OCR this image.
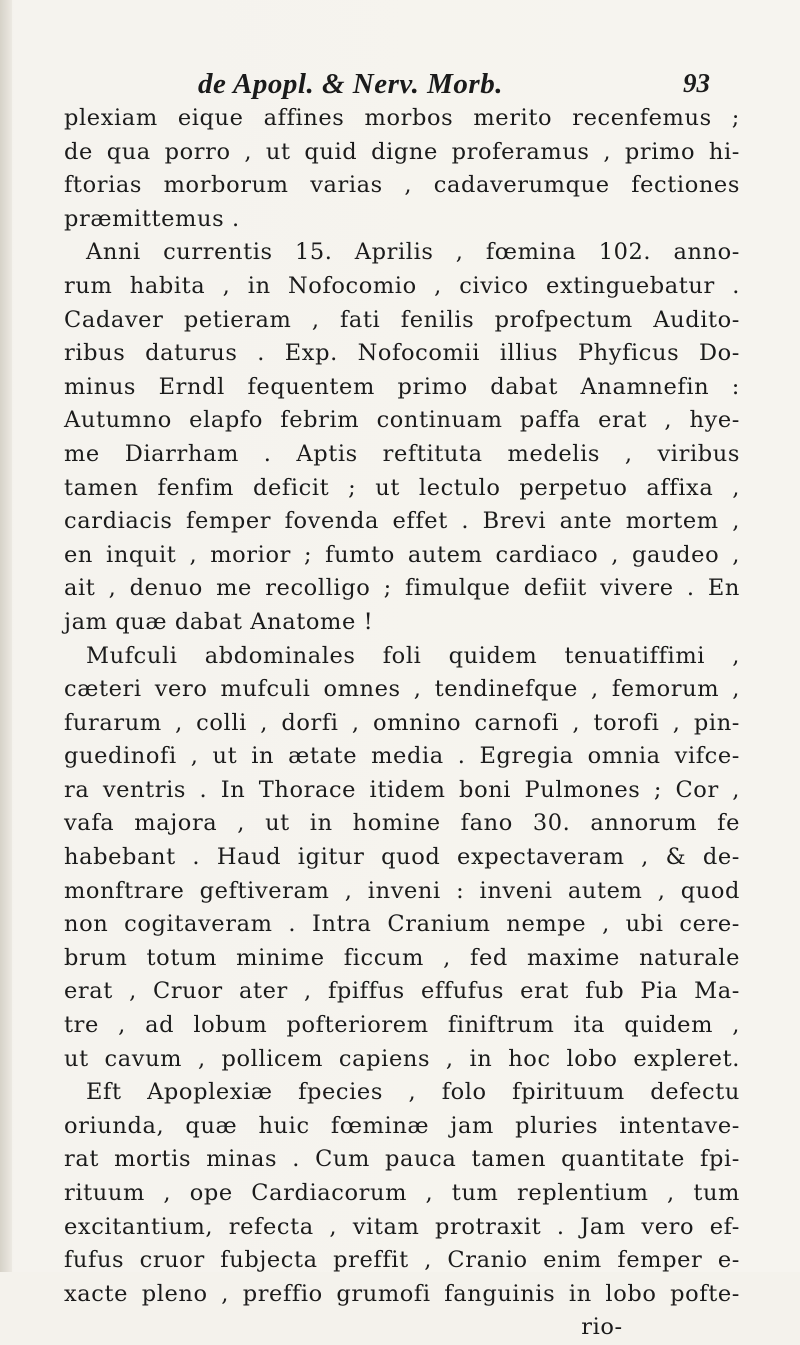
de Apopl. & Nerv. Morb.	93
plexiam eique affines morbos merito recenfemus ;
de qua porro , ut quid digne proferamus , primo hi-
ftorias morborum varias , cadaverumque fectiones
præmittemus .
Anni currentis 15. Aprilis , fœmina 102. anno-
rum habita , in Nofocomio , civico extinguebatur .
Cadaver petieram , fati fenilis profpectum Audito-
ribus daturus . Exp. Nofocomii illius Phyficus Do-
minus Erndl fequentem primo dabat Anamnefin :
Autumno elapfo febrim continuam paffa erat , hye-
me Diarrham . Aptis reftituta medelis , viribus
tamen fenfim deficit ; ut lectulo perpetuo affixa ,
cardiacis femper fovenda effet . Brevi ante mortem ,
en inquit , morior ; fumto autem cardiaco , gaudeo ,
ait , denuo me recolligo ; fimulque defiit vivere . En
jam quæ dabat Anatome !
Mufculi abdominales foli quidem tenuatiffimi ,
cæteri vero mufculi omnes , tendinefque , femorum ,
furarum , colli , dorfi , omnino carnofi , torofi , pin-
guedinofi , ut in ætate media . Egregia omnia vifce-
ra ventris . In Thorace itidem boni Pulmones ; Cor ,
vafa majora , ut in homine fano 30. annorum fe
habebant . Haud igitur quod expectaveram , & de-
monftrare geftiveram , inveni : inveni autem , quod
non cogitaveram . Intra Cranium nempe , ubi cere-
brum totum minime ficcum , fed maxime naturale
erat , Cruor ater , fpiffus effufus erat fub Pia Ma-
tre , ad lobum pofteriorem finiftrum ita quidem ,
ut cavum , pollicem capiens , in hoc lobo expleret.
Eft Apoplexiæ fpecies , folo fpirituum defectu
oriunda, quæ huic fœminæ jam pluries intentave-
rat mortis minas . Cum pauca tamen quantitate fpi-
rituum , ope Cardiacorum , tum replentium , tum
excitantium, refecta , vitam protraxit . Jam vero ef-
fufus cruor fubjecta preffit , Cranio enim femper e-
xacte pleno , preffio grumofi fanguinis in lobo pofte-
rio-
